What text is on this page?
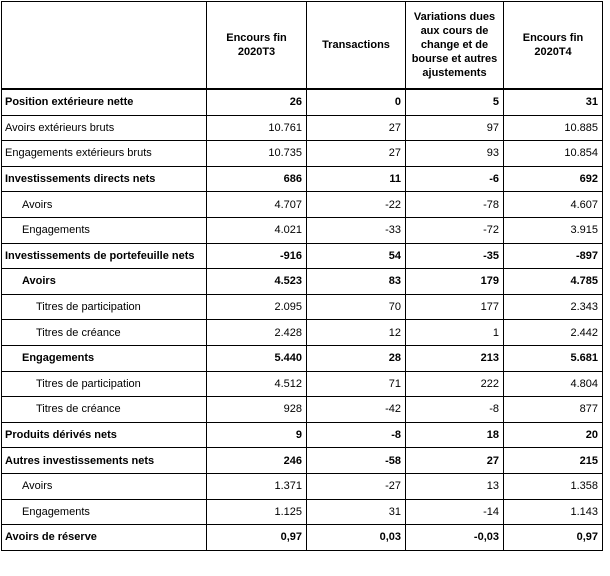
	Encours fin 2020T3	Transactions	Variations dues aux cours de change et de bourse et autres ajustements	Encours fin 2020T4
Position extérieure nette	26	0	5	31
Avoirs extérieurs bruts	10.761	27	97	10.885
Engagements extérieurs bruts	10.735	27	93	10.854
Investissements directs nets	686	11	-6	692
Avoirs	4.707	-22	-78	4.607
Engagements	4.021	-33	-72	3.915
Investissements de portefeuille nets	-916	54	-35	-897
Avoirs	4.523	83	179	4.785
Titres de participation	2.095	70	177	2.343
Titres de créance	2.428	12	1	2.442
Engagements	5.440	28	213	5.681
Titres de participation	4.512	71	222	4.804
Titres de créance	928	-42	-8	877
Produits dérivés nets	9	-8	18	20
Autres investissements nets	246	-58	27	215
Avoirs	1.371	-27	13	1.358
Engagements	1.125	31	-14	1.143
Avoirs de réserve	0,97	0,03	-0,03	0,97
